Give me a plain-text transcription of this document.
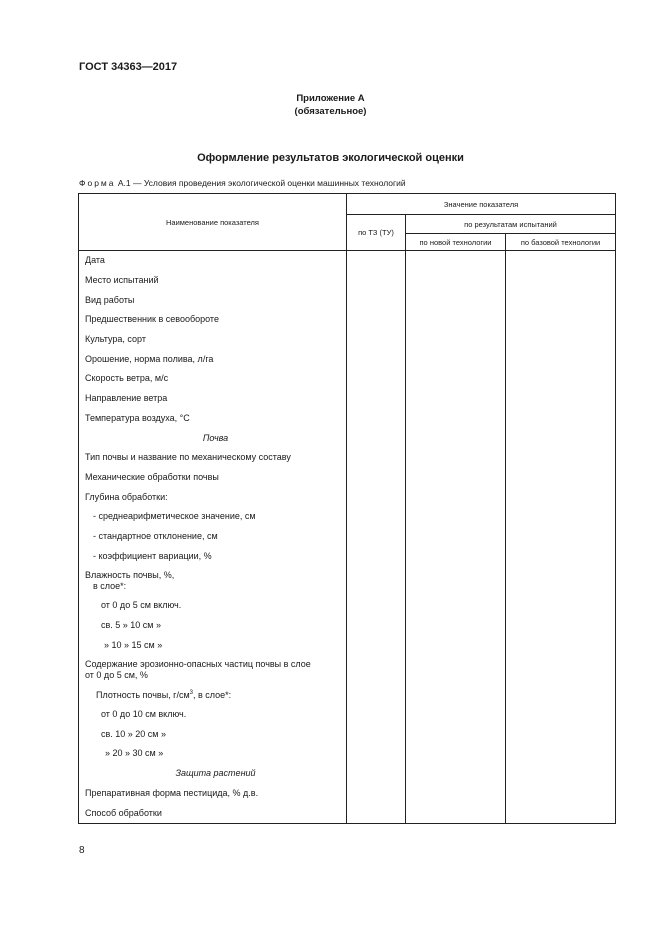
ГОСТ 34363—2017
Приложение А
(обязательное)
Оформление результатов экологической оценки
Форма А.1 — Условия проведения экологической оценки машинных технологий
Наименование показателя	Значение показателя		
	по ТЗ (ТУ)	по результатам испытаний	
		по новой технологии	по базовой технологии
Дата			
Место испытаний			
Вид работы			
Предшественник в севообороте			
Культура, сорт			
Орошение, норма полива, л/га			
Скорость ветра, м/с			
Направление ветра			
Температура воздуха, °С			
Почва			
Тип почвы и название по механическому составу			
Механические обработки почвы			
Глубина обработки:			
- среднеарифметическое значение, см			
- стандартное отклонение, см			
- коэффициент вариации, %			
Влажность почвы, %,
в слое*:			
от 0 до 5 см включ.			
св. 5 » 10 см »			
» 10 » 15 см »			
Содержание эрозионно-опасных частиц почвы в слое
от 0 до 5 см, %			
Плотность почвы, $г/см^3$, в слое*:			
от 0 до 10 см включ.			
св. 10 » 20 см »			
» 20 » 30 см »			
Защита растений			
Препаративная форма пестицида, % д.в.			
Способ обработки			
8
